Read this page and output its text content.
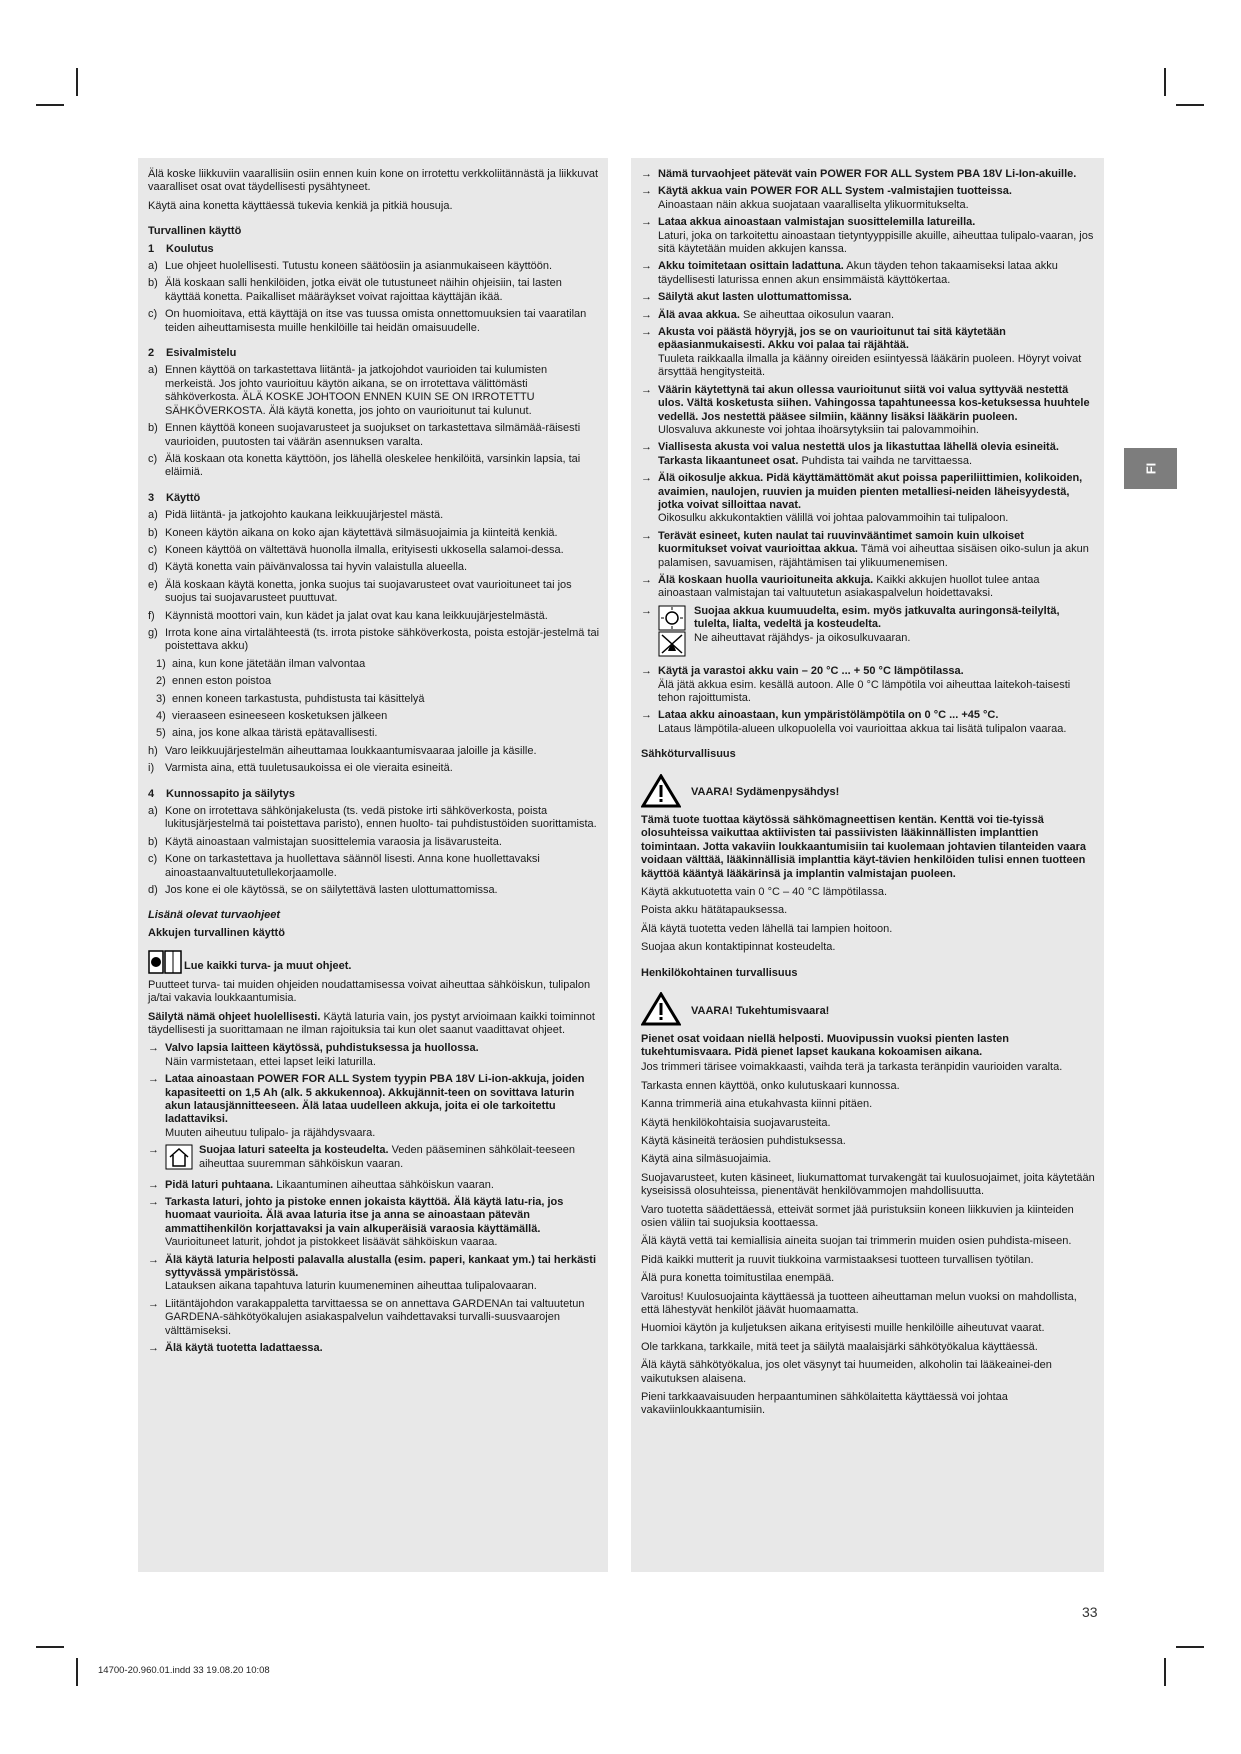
Älä koske liikkuviin vaarallisiin osiin ennen kuin kone on irrotettu verkkoliitännästä ja liikkuvat vaaralliset osat ovat täydellisesti pysähtyneet.
Käytä aina konetta käyttäessä tukevia kenkiä ja pitkiä housuja.
Turvallinen käyttö
1	Koulutus
a) Lue ohjeet huolellisesti. Tutustu koneen säätöosiin ja asianmukaiseen käyttöön.
b) Älä koskaan salli henkilöiden, jotka eivät ole tutustuneet näihin ohjeisiin, tai lasten käyttää konetta. Paikalliset määräykset voivat rajoittaa käyttäjän ikää.
c) On huomioitava, että käyttäjä on itse vas tuussa omista onnettomuuksien tai vaaratilan teiden aiheuttamisesta muille henkilöille tai heidän omaisuudelle.
2	Esivalmistelu
a) Ennen käyttöä on tarkastettava liitäntä- ja jatkojohdot vaurioiden tai kulumisten merkeistä. Jos johto vaurioituu käytön aikana, se on irrotettava välittömästi sähköverkosta. ÄLÄ KOSKE JOHTOON ENNEN KUIN SE ON IRROTETTU SÄHKÖVERKOSTA. Älä käytä konetta, jos johto on vaurioitunut tai kulunut.
b) Ennen käyttöä koneen suojavarusteet ja suojukset on tarkastettava silmämää-räisesti vaurioiden, puutosten tai väärän asennuksen varalta.
c) Älä koskaan ota konetta käyttöön, jos lähellä oleskelee henkilöitä, varsinkin lapsia, tai eläimiä.
3	Käyttö
a) Pidä liitäntä- ja jatkojohto kaukana leikkuujärjestel mästä.
b) Koneen käytön aikana on koko ajan käytettävä silmäsuojaimia ja kiinteitä kenkiä.
c) Koneen käyttöä on vältettävä huonolla ilmalla, erityisesti ukkosella salamoi-dessa.
d) Käytä konetta vain päivänvalossa tai hyvin valaistulla alueella.
e) Älä koskaan käytä konetta, jonka suojus tai suojavarusteet ovat vaurioituneet tai jos suojus tai suojavarusteet puuttuvat.
f) Käynnistä moottori vain, kun kädet ja jalat ovat kau kana leikkuujärjestelmästä.
g) Irrota kone aina virtalähteestä (ts. irrota pistoke sähköverkosta, poista estojär-jestelmä tai poistettava akku)
1) aina, kun kone jätetään ilman valvontaa
2) ennen eston poistoa
3) ennen koneen tarkastusta, puhdistusta tai käsittelyä
4) vieraaseen esineeseen kosketuksen jälkeen
5) aina, jos kone alkaa täristä epätavallisesti.
h) Varo leikkuujärjestelmän aiheuttamaa loukkaantumisvaaraa jaloille ja käsille.
i) Varmista aina, että tuuletusaukoissa ei ole vieraita esineitä.
4	Kunnossapito ja säilytys
a) Kone on irrotettava sähkönjakelusta (ts. vedä pistoke irti sähköverkosta, poista lukitusjärjestelmä tai poistettava paristo), ennen huolto- tai puhdistustöiden suorittamista.
b) Käytä ainoastaan valmistajan suosittelemia varaosia ja lisävarusteita.
c) Kone on tarkastettava ja huollettava säännöl lisesti. Anna kone huollettavaksi ainoastaanvaltuutetullekorjaamolle.
d) Jos kone ei ole käytössä, se on säilytettävä lasten ulottumattomissa.
Lisänä olevat turvaohjeet
Akkujen turvallinen käyttö
Lue kaikki turva- ja muut ohjeet.
Puutteet turva- tai muiden ohjeiden noudattamisessa voivat aiheuttaa sähköiskun, tulipalon ja/tai vakavia loukkaantumisia.
Säilytä nämä ohjeet huolellisesti. Käytä laturia vain, jos pystyt arvioimaan kaikki toiminnot täydellisesti ja suorittamaan ne ilman rajoituksia tai kun olet saanut vaadittavat ohjeet.
→ Valvo lapsia laitteen käytössä, puhdistuksessa ja huollossa.
Näin varmistetaan, ettei lapset leiki laturilla.
→ Lataa ainoastaan POWER FOR ALL System tyypin PBA 18V Li-ion-akkuja, joiden kapasiteetti on 1,5 Ah (alk. 5 akkukennoa). Akkujännit-teen on sovittava laturin akun latausjännitteeseen. Älä lataa uudelleen akkuja, joita ei ole tarkoitettu ladattaviksi.
Muuten aiheutuu tulipalo- ja räjähdysvaara.
→	Suojaa laturi sateelta ja kosteudelta. Veden pääseminen sähkölait-teeseen aiheuttaa suuremman sähköiskun vaaran.
→ Pidä laturi puhtaana. Likaantuminen aiheuttaa sähköiskun vaaran.
→ Tarkasta laturi, johto ja pistoke ennen jokaista käyttöä. Älä käytä latu-ria, jos huomaat vaurioita. Älä avaa laturia itse ja anna se ainoastaan pätevän ammattihenkilön korjattavaksi ja vain alkuperäisiä varaosia käyttämällä.
Vaurioituneet laturit, johdot ja pistokkeet lisäävät sähköiskun vaaraa.
→ Älä käytä laturia helposti palavalla alustalla (esim. paperi, kankaat ym.) tai herkästi syttyvässä ympäristössä.
Latauksen aikana tapahtuva laturin kuumeneminen aiheuttaa tulipalovaaran.
→ Liitäntäjohdon varakappaletta tarvittaessa se on annettava GARDENAn tai valtuutetun GARDENA-sähkötyökalujen asiakaspalvelun vaihdettavaksi turvalli-suusvaarojen välttämiseksi.
→ Älä käytä tuotetta ladattaessa.
→ Nämä turvaohjeet pätevät vain POWER FOR ALL System PBA 18V Li-Ion-akuille.
→ Käytä akkua vain POWER FOR ALL System -valmistajien tuotteissa.
Ainoastaan näin akkua suojataan vaaralliselta ylikuormitukselta.
→ Lataa akkua ainoastaan valmistajan suosittelemilla latureilla.
Laturi, joka on tarkoitettu ainoastaan tietyntyyppisille akuille, aiheuttaa tulipalo-vaaran, jos sitä käytetään muiden akkujen kanssa.
→ Akku toimitetaan osittain ladattuna. Akun täyden tehon takaamiseksi lataa akku täydellisesti laturissa ennen akun ensimmäistä käyttökertaa.
→ Säilytä akut lasten ulottumattomissa.
→ Älä avaa akkua. Se aiheuttaa oikosulun vaaran.
→ Akusta voi päästä höyryjä, jos se on vaurioitunut tai sitä käytetään epäasianmukaisesti. Akku voi palaa tai räjähtää.
Tuuleta raikkaalla ilmalla ja käänny oireiden esiintyessä lääkärin puoleen. Höyryt voivat ärsyttää hengitysteitä.
→ Väärin käytettynä tai akun ollessa vaurioitunut siitä voi valua syttyvää nestettä ulos. Vältä kosketusta siihen. Vahingossa tapahtuneessa kos-ketuksessa huuhtele vedellä. Jos nestettä pääsee silmiin, käänny lisäksi lääkärin puoleen.
Ulosvaluva akkuneste voi johtaa ihoärsytyksiin tai palovammoihin.
→ Viallisesta akusta voi valua nestettä ulos ja likastuttaa lähellä olevia esineitä. Tarkasta likaantuneet osat. Puhdista tai vaihda ne tarvittaessa.
→ Älä oikosulje akkua. Pidä käyttämättömät akut poissa paperiliittimien, kolikoiden, avaimien, naulojen, ruuvien ja muiden pienten metalliesi-neiden läheisyydestä, jotka voivat silloittaa navat.
Oikosulku akkukontaktien välillä voi johtaa palovammoihin tai tulipaloon.
→ Terävät esineet, kuten naulat tai ruuvinvääntimet samoin kuin ulkoiset kuormitukset voivat vaurioittaa akkua. Tämä voi aiheuttaa sisäisen oiko-sulun ja akun palamisen, savuamisen, räjähtämisen tai ylikuumenemisen.
→ Älä koskaan huolla vaurioituneita akkuja. Kaikki akkujen huollot tulee antaa ainoastaan valmistajan tai valtuutetun asiakaspalvelun hoidettavaksi.
→	Suojaa akkua kuumuudelta, esim. myös jatkuvalta auringonsä-teilyltä, tulelta, lialta, vedeltä ja kosteudelta.
Ne aiheuttavat räjähdys- ja oikosulkuvaaran.
→ Käytä ja varastoi akku vain – 20 °C ... + 50 °C lämpötilassa.
Älä jätä akkua esim. kesällä autoon. Alle 0 °C lämpötila voi aiheuttaa laitekoh-taisesti tehon rajoittumista.
→ Lataa akku ainoastaan, kun ympäristölämpötila on 0 °C ... +45 °C.
Lataus lämpötila-alueen ulkopuolella voi vaurioittaa akkua tai lisätä tulipalon vaaraa.
Sähköturvallisuus
VAARA! Sydämenpysähdys!
Tämä tuote tuottaa käytössä sähkömagneettisen kentän. Kenttä voi tie-tyissä olosuhteissa vaikuttaa aktiivisten tai passiivisten lääkinnällisten implanttien toimintaan. Jotta vakaviin loukkaantumisiin tai kuolemaan johtavien tilanteiden vaara voidaan välttää, lääkinnällisiä implanttia käyt-tävien henkilöiden tulisi ennen tuotteen käyttöä kääntyä lääkärinsä ja implantin valmistajan puoleen.
Käytä akkutuotetta vain 0 °C – 40 °C lämpötilassa.
Poista akku hätätapauksessa.
Älä käytä tuotetta veden lähellä tai lampien hoitoon.
Suojaa akun kontaktipinnat kosteudelta.
Henkilökohtainen turvallisuus
VAARA! Tukehtumisvaara!
Pienet osat voidaan niellä helposti. Muovipussin vuoksi pienten lasten tukehtumisvaara. Pidä pienet lapset kaukana kokoamisen aikana.
Jos trimmeri tärisee voimakkaasti, vaihda terä ja tarkasta teränpidin vaurioiden varalta.
Tarkasta ennen käyttöä, onko kulutuskaari kunnossa.
Kanna trimmeriä aina etukahvasta kiinni pitäen.
Käytä henkilökohtaisia suojavarusteita.
Käytä käsineitä teräosien puhdistuksessa.
Käytä aina silmäsuojaimia.
Suojavarusteet, kuten käsineet, liukumattomat turvakengät tai kuulosuojaimet, joita käytetään kyseisissä olosuhteissa, pienentävät henkilövammojen mahdollisuutta.
Varo tuotetta säädettäessä, etteivät sormet jää puristuksiin koneen liikkuvien ja kiinteiden osien väliin tai suojuksia koottaessa.
Älä käytä vettä tai kemiallisia aineita suojan tai trimmerin muiden osien puhdista-miseen.
Pidä kaikki mutterit ja ruuvit tiukkoina varmistaaksesi tuotteen turvallisen työtilan.
Älä pura konetta toimitustilaa enempää.
Varoitus! Kuulosuojainta käyttäessä ja tuotteen aiheuttaman melun vuoksi on mahdollista, että lähestyvät henkilöt jäävät huomaamatta.
Huomioi käytön ja kuljetuksen aikana erityisesti muille henkilöille aiheutuvat vaarat.
Ole tarkkana, tarkkaile, mitä teet ja säilytä maalaisjärki sähkötyökalua käyttäessä.
Älä käytä sähkötyökalua, jos olet väsynyt tai huumeiden, alkoholin tai lääkeainei-den vaikutuksen alaisena.
Pieni tarkkaavaisuuden herpaantuminen sähkölaitetta käyttäessä voi johtaa vakaviinloukkaantumisiin.
FI
33
14700-20.960.01.indd 33 19.08.20 10:08
